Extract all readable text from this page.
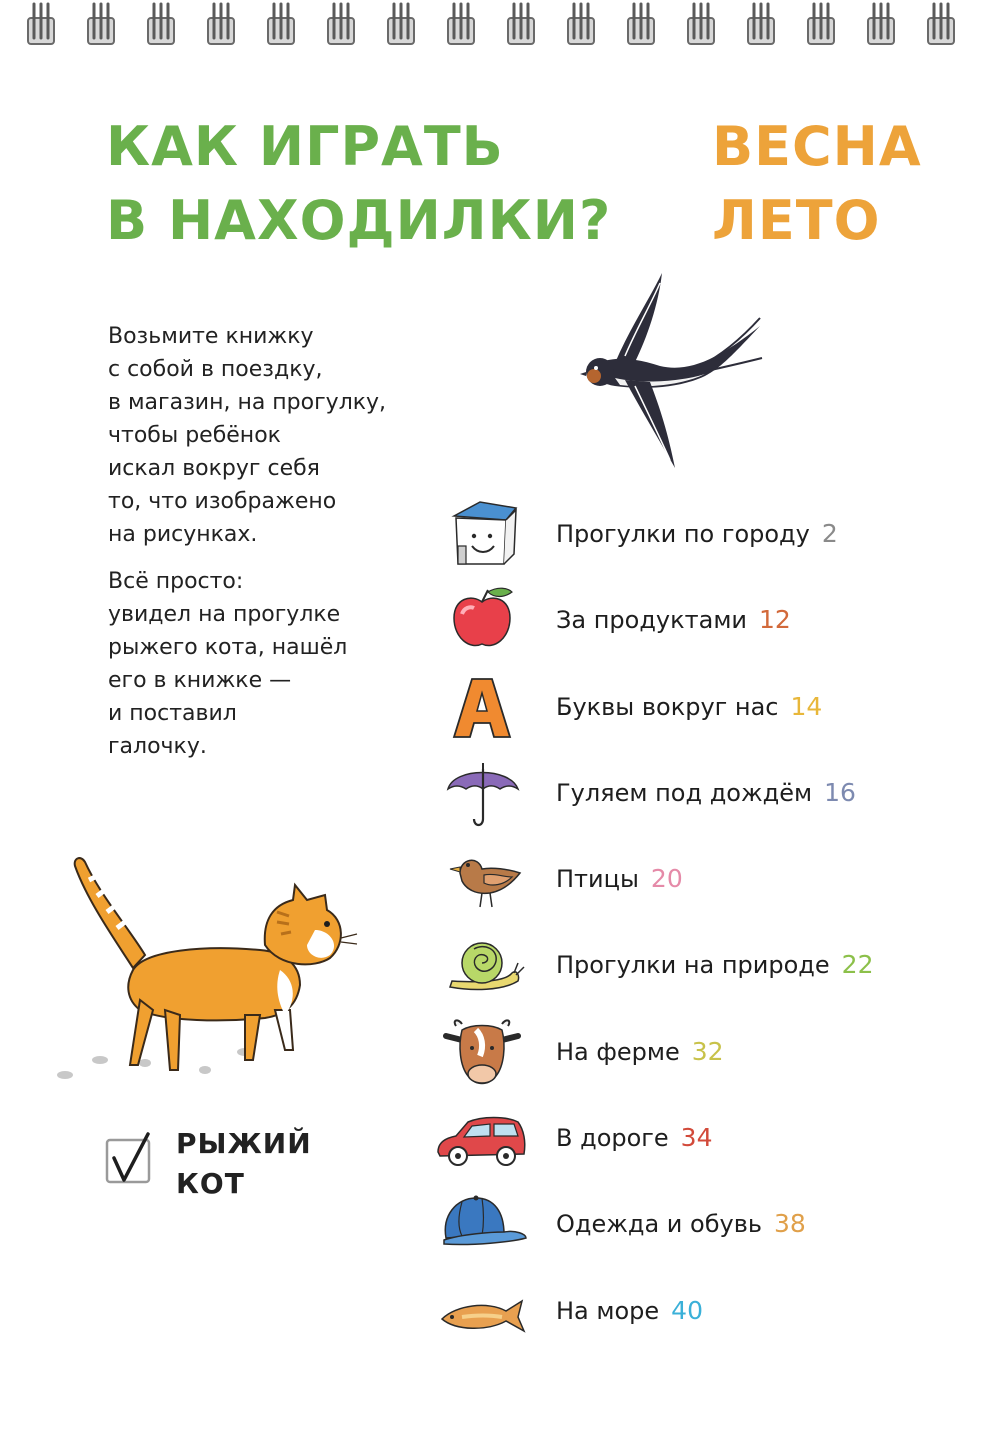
КАК ИГРАТЬ
В НАХОДИЛКИ?
ВЕСНА
ЛЕТО
Возьмите книжку
с собой в поездку,
в магазин, на прогулку,
чтобы ребёнок
искал вокруг себя
то, что изображено
на рисунках.
Всё просто:
увидел на прогулке
рыжего кота, нашёл
его в книжке —
и поставил
галочку.
РЫЖИЙ
КОТ
Прогулки по городу 2
За продуктами 12
Буквы вокруг нас 14
Гуляем под дождём 16
Птицы 20
Прогулки на природе 22
На ферме 32
В дороге 34
Одежда и обувь 38
На море 40
